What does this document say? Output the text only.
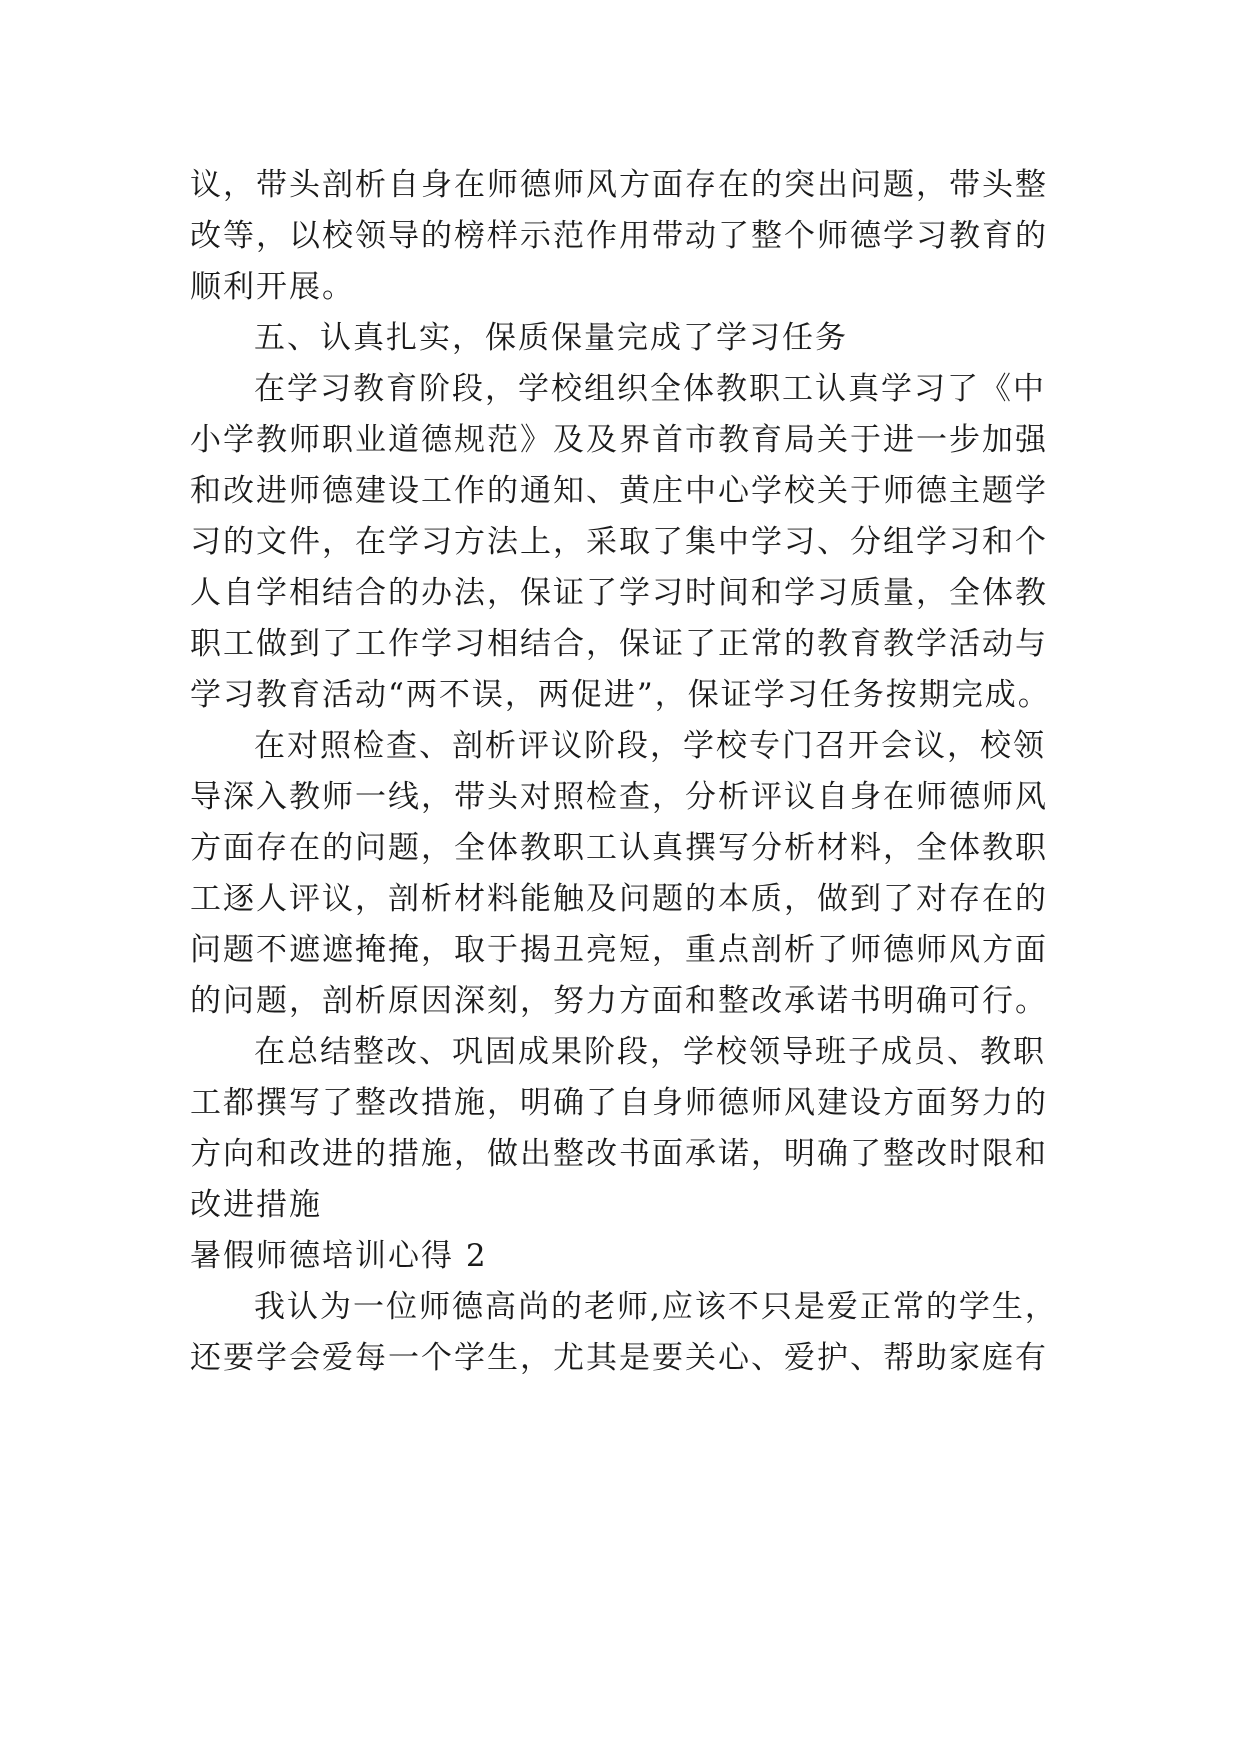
议，带头剖析自身在师德师风方面存在的突出问题，带头整
改等，以校领导的榜样示范作用带动了整个师德学习教育的
顺利开展。

五、认真扎实，保质保量完成了学习任务

在学习教育阶段，学校组织全体教职工认真学习了《中
小学教师职业道德规范》及及界首市教育局关于进一步加强
和改进师德建设工作的通知、黄庄中心学校关于师德主题学
习的文件，在学习方法上，采取了集中学习、分组学习和个
人自学相结合的办法，保证了学习时间和学习质量，全体教
职工做到了工作学习相结合，保证了正常的教育教学活动与
学习教育活动“两不误，两促进”，保证学习任务按期完成。

在对照检查、剖析评议阶段，学校专门召开会议，校领
导深入教师一线，带头对照检查，分析评议自身在师德师风
方面存在的问题，全体教职工认真撰写分析材料，全体教职
工逐人评议，剖析材料能触及问题的本质，做到了对存在的
问题不遮遮掩掩，取于揭丑亮短，重点剖析了师德师风方面
的问题，剖析原因深刻，努力方面和整改承诺书明确可行。

在总结整改、巩固成果阶段，学校领导班子成员、教职
工都撰写了整改措施，明确了自身师德师风建设方面努力的
方向和改进的措施，做出整改书面承诺，明确了整改时限和
改进措施

暑假师德培训心得 2

我认为一位师德高尚的老师,应该不只是爱正常的学生，
还要学会爱每一个学生，尤其是要关心、爱护、帮助家庭有
